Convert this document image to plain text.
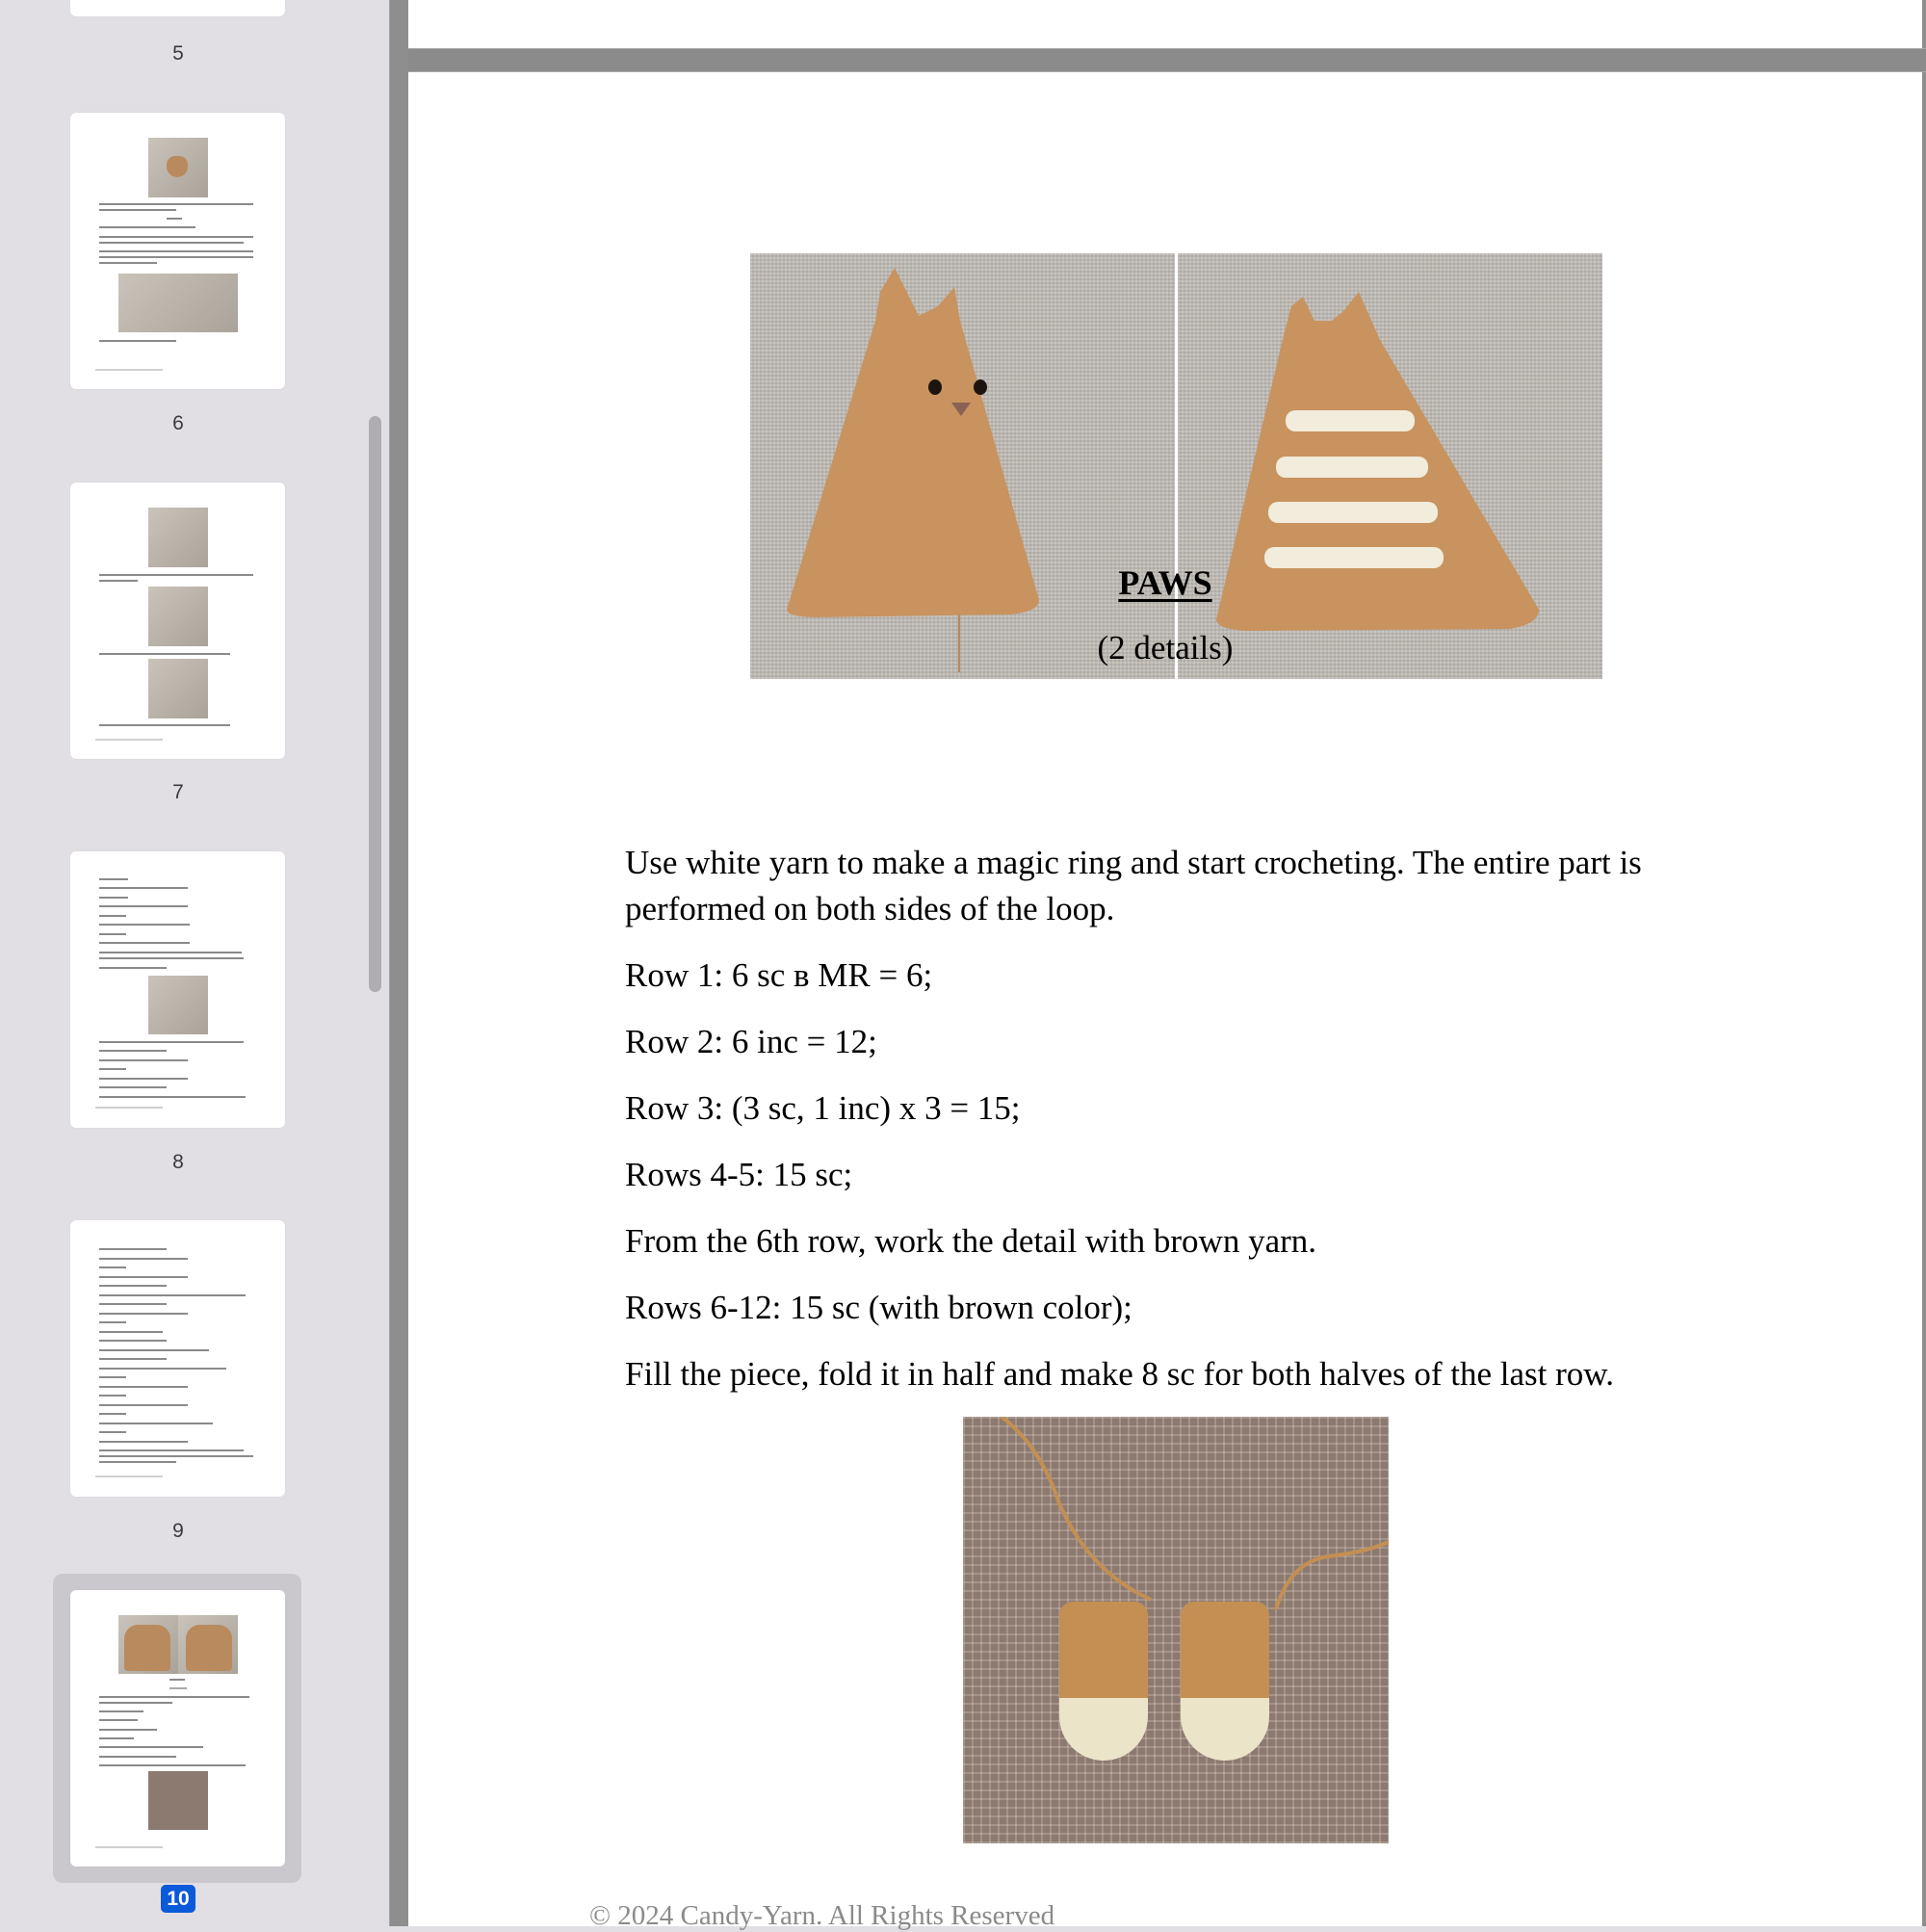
5
6
7
8
9
10
PAWS
(2 details)

Use white yarn to make a magic ring and start crocheting. The entire part is performed on both sides of the loop.

Row 1: 6 sc в MR = 6;

Row 2: 6 inc = 12;

Row 3: (3 sc, 1 inc) x 3 = 15;

Rows 4-5: 15 sc;

From the 6th row, work the detail with brown yarn.

Rows 6-12: 15 sc (with brown color);

Fill the piece, fold it in half and make 8 sc for both halves of the last row.

© 2024 Candy-Yarn. All Rights Reserved
